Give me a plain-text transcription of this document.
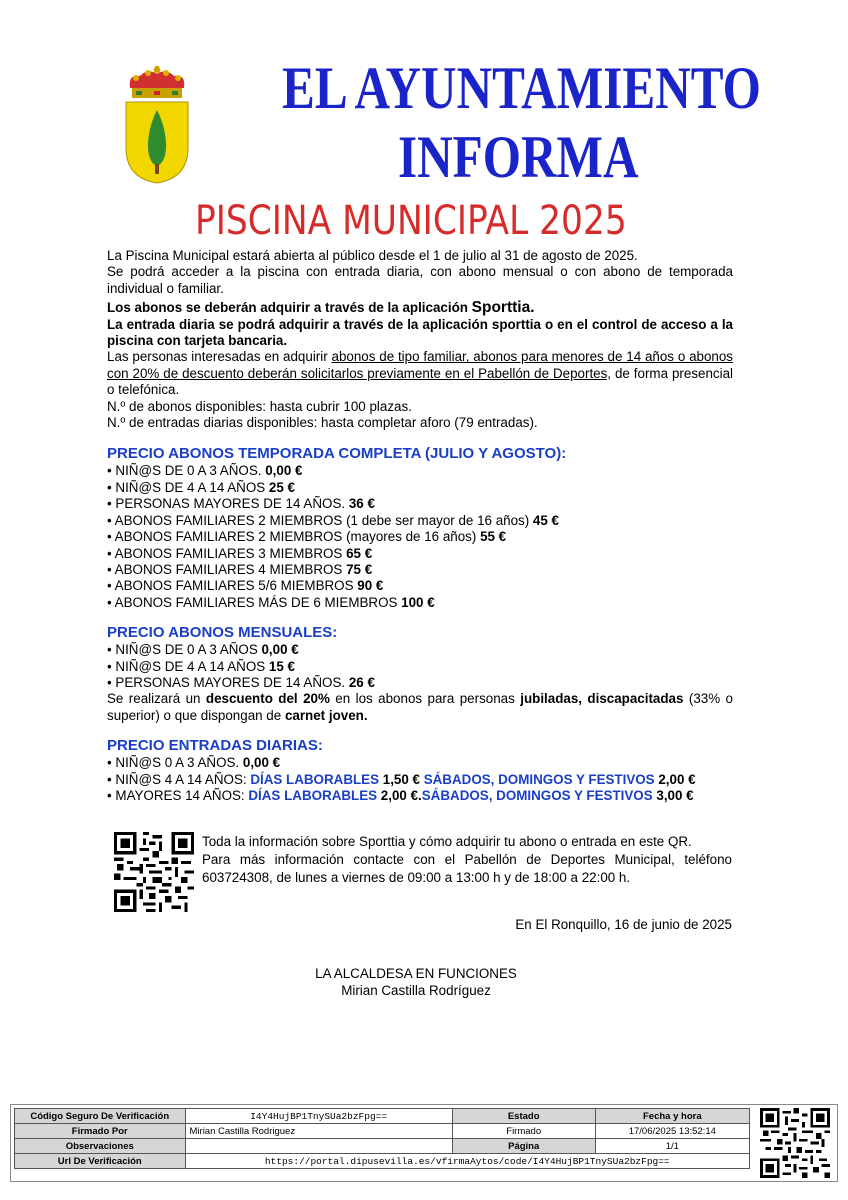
EL AYUNTAMIENTO
INFORMA
PISCINA MUNICIPAL 2025

La Piscina Municipal estará abierta al público desde el 1 de julio al 31 de agosto de 2025.

Se podrá acceder a la piscina con entrada diaria, con abono mensual o con abono de temporada individual o familiar.

Los abonos se deberán adquirir a través de la aplicación Sporttia.

La entrada diaria se podrá adquirir a través de la aplicación sporttia o en el control de acceso a la piscina con tarjeta bancaria.

Las personas interesadas en adquirir abonos de tipo familiar, abonos para menores de 14 años o abonos con 20% de descuento deberán solicitarlos previamente en el Pabellón de Deportes, de forma presencial o telefónica.

N.º de abonos disponibles: hasta cubrir 100 plazas.

N.º de entradas diarias disponibles: hasta completar aforo (79 entradas).

PRECIO ABONOS TEMPORADA COMPLETA (JULIO Y AGOSTO):

• NIÑ@S DE 0 A 3 AÑOS. 0,00 €

• NIÑ@S DE 4 A 14 AÑOS 25 €

• PERSONAS MAYORES DE 14 AÑOS. 36 €

• ABONOS FAMILIARES 2 MIEMBROS (1 debe ser mayor de 16 años) 45 €

• ABONOS FAMILIARES 2 MIEMBROS (mayores de 16 años) 55 €

• ABONOS FAMILIARES 3 MIEMBROS 65 €

• ABONOS FAMILIARES 4 MIEMBROS 75 €

• ABONOS FAMILIARES 5/6 MIEMBROS 90 €

• ABONOS FAMILIARES MÁS DE 6 MIEMBROS 100 €

PRECIO ABONOS MENSUALES:

• NIÑ@S DE 0 A 3 AÑOS 0,00 €

• NIÑ@S DE 4 A 14 AÑOS 15 €

• PERSONAS MAYORES DE 14 AÑOS. 26 €

Se realizará un descuento del 20% en los abonos para personas jubiladas, discapacitadas (33% o superior) o que dispongan de carnet joven.

PRECIO ENTRADAS DIARIAS:

• NIÑ@S 0 A 3 AÑOS. 0,00 €

• NIÑ@S 4 A 14 AÑOS: DÍAS LABORABLES 1,50 € SÁBADOS, DOMINGOS Y FESTIVOS 2,00 €

• MAYORES 14 AÑOS: DÍAS LABORABLES 2,00 €.SÁBADOS, DOMINGOS Y FESTIVOS 3,00 €

Toda la información sobre Sporttia y cómo adquirir tu abono o entrada en este QR.

Para más información contacte con el Pabellón de Deportes Municipal, teléfono 603724308, de lunes a viernes de 09:00 a 13:00 h y de 18:00 a 22:00 h.

En El Ronquillo, 16 de junio de 2025
LA ALCALDESA EN FUNCIONES
Mirian Castilla Rodríguez
Código Seguro De Verificación	I4Y4HujBP1TnySUa2bzFpg==	Estado	Fecha y hora
Firmado Por	Mirian Castilla Rodriguez	Firmado	17/06/2025 13:52:14
Observaciones		Página	1/1
Url De Verificación	https://portal.dipusevilla.es/vfirmaAytos/code/I4Y4HujBP1TnySUa2bzFpg==		
